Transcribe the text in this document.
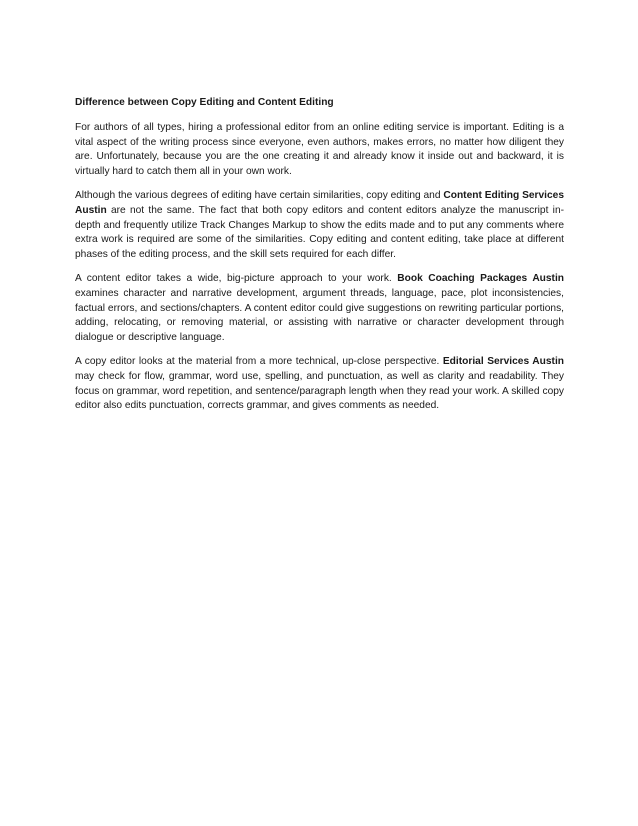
Difference between Copy Editing and Content Editing

For authors of all types, hiring a professional editor from an online editing service is important. Editing is a vital aspect of the writing process since everyone, even authors, makes errors, no matter how diligent they are. Unfortunately, because you are the one creating it and already know it inside out and backward, it is virtually hard to catch them all in your own work.

Although the various degrees of editing have certain similarities, copy editing and Content Editing Services Austin are not the same. The fact that both copy editors and content editors analyze the manuscript in-depth and frequently utilize Track Changes Markup to show the edits made and to put any comments where extra work is required are some of the similarities. Copy editing and content editing, take place at different phases of the editing process, and the skill sets required for each differ.

A content editor takes a wide, big-picture approach to your work. Book Coaching Packages Austin examines character and narrative development, argument threads, language, pace, plot inconsistencies, factual errors, and sections/chapters. A content editor could give suggestions on rewriting particular portions, adding, relocating, or removing material, or assisting with narrative or character development through dialogue or descriptive language.

A copy editor looks at the material from a more technical, up-close perspective. Editorial Services Austin may check for flow, grammar, word use, spelling, and punctuation, as well as clarity and readability. They focus on grammar, word repetition, and sentence/paragraph length when they read your work. A skilled copy editor also edits punctuation, corrects grammar, and gives comments as needed.
